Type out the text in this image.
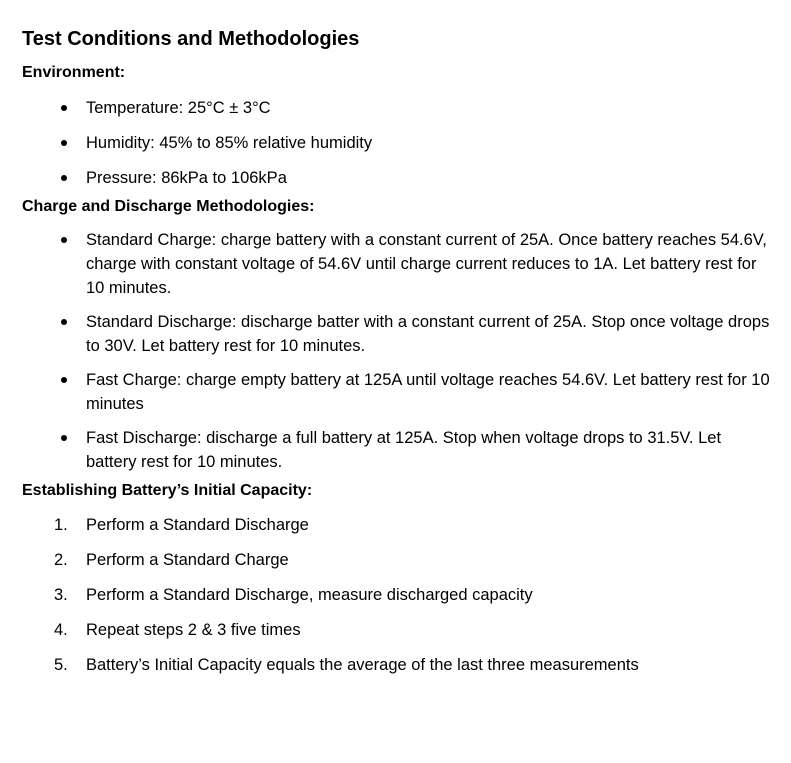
Test Conditions and Methodologies
Environment:
Temperature: 25°C ± 3°C
Humidity: 45% to 85% relative humidity
Pressure: 86kPa to 106kPa
Charge and Discharge Methodologies:
Standard Charge: charge battery with a constant current of 25A. Once battery reaches 54.6V, charge with constant voltage of 54.6V until charge current reduces to 1A. Let battery rest for 10 minutes.
Standard Discharge: discharge batter with a constant current of 25A. Stop once voltage drops to 30V. Let battery rest for 10 minutes.
Fast Charge: charge empty battery at 125A until voltage reaches 54.6V. Let battery rest for 10 minutes
Fast Discharge: discharge a full battery at 125A. Stop when voltage drops to 31.5V. Let battery rest for 10 minutes.
Establishing Battery’s Initial Capacity:
1.	Perform a Standard Discharge
2.	Perform a Standard Charge
3.	Perform a Standard Discharge, measure discharged capacity
4.	Repeat steps 2 & 3 five times
5.	Battery’s Initial Capacity equals the average of the last three measurements
